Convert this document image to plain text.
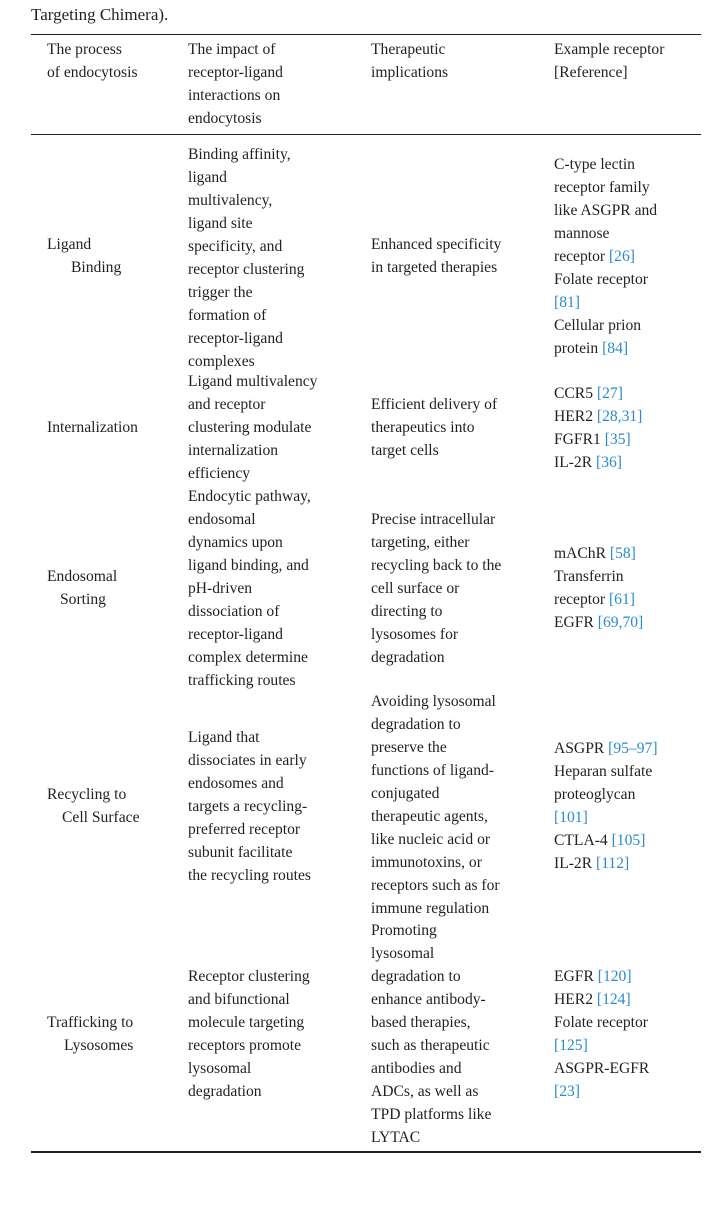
Targeting Chimera).
The process
of endocytosis
The impact of
receptor-ligand
interactions on
endocytosis
Therapeutic
implications
Example receptor
[Reference]
Ligand
Binding
Binding affinity,
ligand
multivalency,
ligand site
specificity, and
receptor clustering
trigger the
formation of
receptor-ligand
complexes
Enhanced specificity
in targeted therapies
C-type lectin
receptor family
like ASGPR and
mannose
receptor [26]
Folate receptor
[81]
Cellular prion
protein [84]
Internalization
Ligand multivalency
and receptor
clustering modulate
internalization
efficiency
Efficient delivery of
therapeutics into
target cells
CCR5 [27]
HER2 [28,31]
FGFR1 [35]
IL-2R [36]
Endosomal
Sorting
Endocytic pathway,
endosomal
dynamics upon
ligand binding, and
pH-driven
dissociation of
receptor-ligand
complex determine
trafficking routes
Precise intracellular
targeting, either
recycling back to the
cell surface or
directing to
lysosomes for
degradation
mAChR [58]
Transferrin
receptor [61]
EGFR [69,70]
Recycling to
Cell Surface
Ligand that
dissociates in early
endosomes and
targets a recycling-
preferred receptor
subunit facilitate
the recycling routes
Avoiding lysosomal
degradation to
preserve the
functions of ligand-
conjugated
therapeutic agents,
like nucleic acid or
immunotoxins, or
receptors such as for
immune regulation
ASGPR [95–97]
Heparan sulfate
proteoglycan
[101]
CTLA-4 [105]
IL-2R [112]
Trafficking to
Lysosomes
Receptor clustering
and bifunctional
molecule targeting
receptors promote
lysosomal
degradation
Promoting
lysosomal
degradation to
enhance antibody-
based therapies,
such as therapeutic
antibodies and
ADCs, as well as
TPD platforms like
LYTAC
EGFR [120]
HER2 [124]
Folate receptor
[125]
ASGPR-EGFR
[23]
